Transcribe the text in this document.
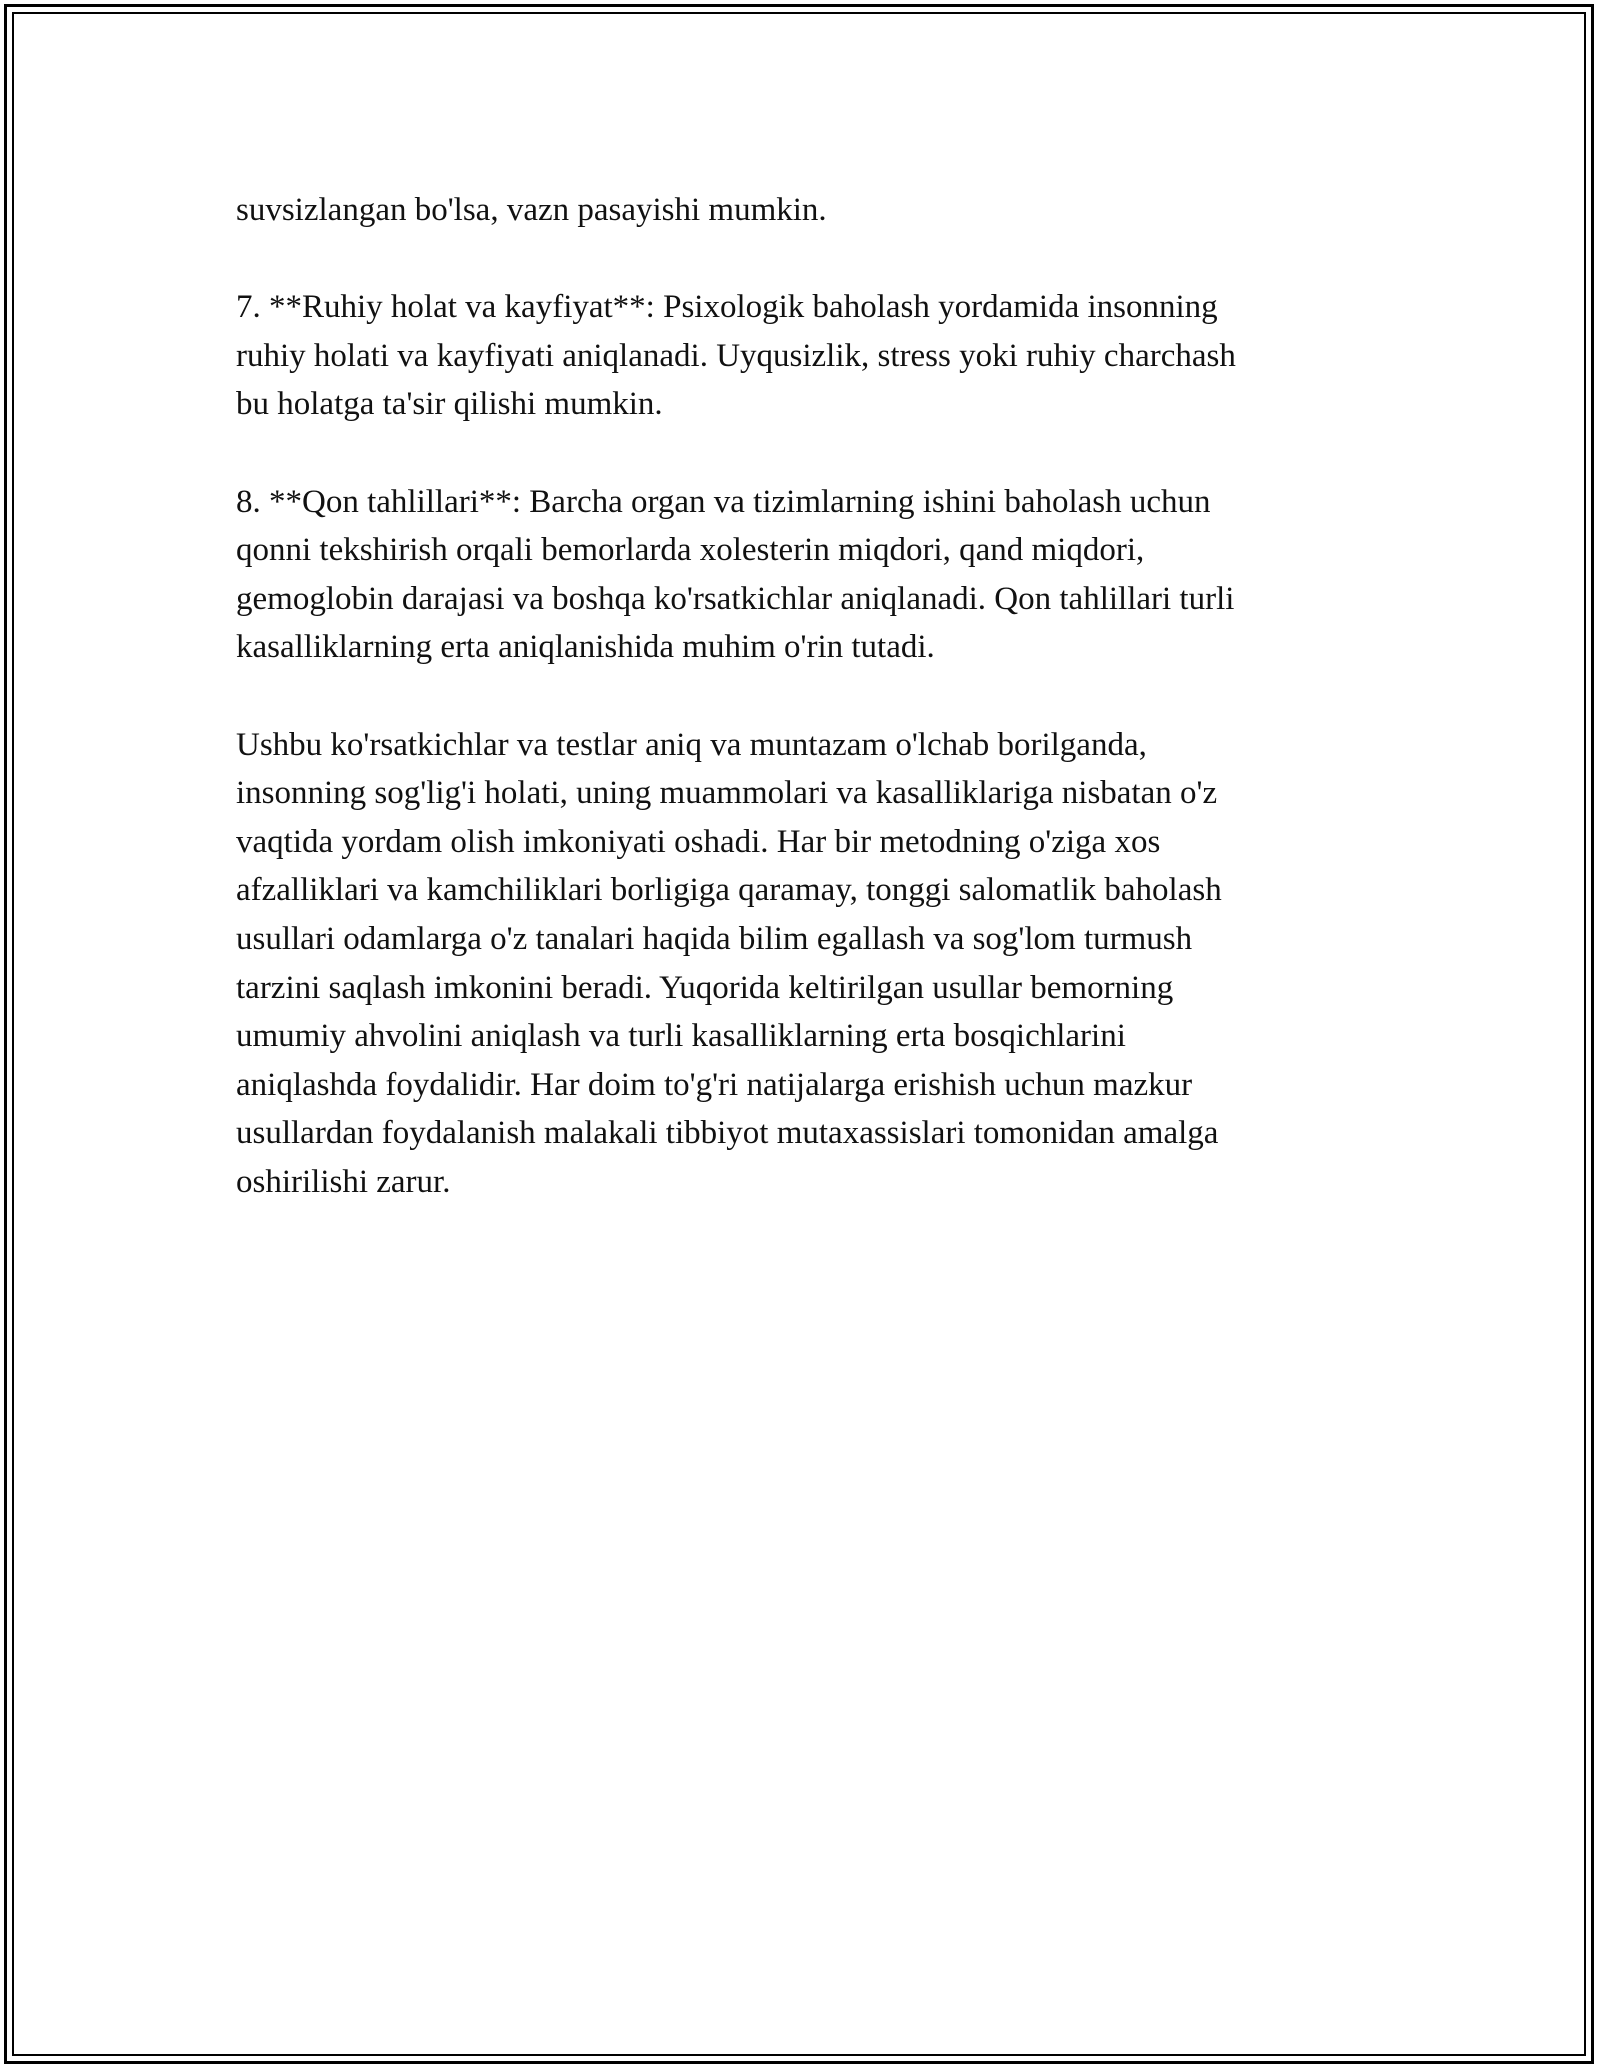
suvsizlangan bo'lsa, vazn pasayishi mumkin.

7. **Ruhiy holat va kayfiyat**: Psixologik baholash yordamida insonning
ruhiy holati va kayfiyati aniqlanadi. Uyqusizlik, stress yoki ruhiy charchash
bu holatga ta'sir qilishi mumkin.

8. **Qon tahlillari**: Barcha organ va tizimlarning ishini baholash uchun
qonni tekshirish orqali bemorlarda xolesterin miqdori, qand miqdori,
gemoglobin darajasi va boshqa ko'rsatkichlar aniqlanadi. Qon tahlillari turli
kasalliklarning erta aniqlanishida muhim o'rin tutadi.

Ushbu ko'rsatkichlar va testlar aniq va muntazam o'lchab borilganda,
insonning sog'lig'i holati, uning muammolari va kasalliklariga nisbatan o'z
vaqtida yordam olish imkoniyati oshadi. Har bir metodning o'ziga xos
afzalliklari va kamchiliklari borligiga qaramay, tonggi salomatlik baholash
usullari odamlarga o'z tanalari haqida bilim egallash va sog'lom turmush
tarzini saqlash imkonini beradi. Yuqorida keltirilgan usullar bemorning
umumiy ahvolini aniqlash va turli kasalliklarning erta bosqichlarini
aniqlashda foydalidir. Har doim to'g'ri natijalarga erishish uchun mazkur
usullardan foydalanish malakali tibbiyot mutaxassislari tomonidan amalga
oshirilishi zarur.
